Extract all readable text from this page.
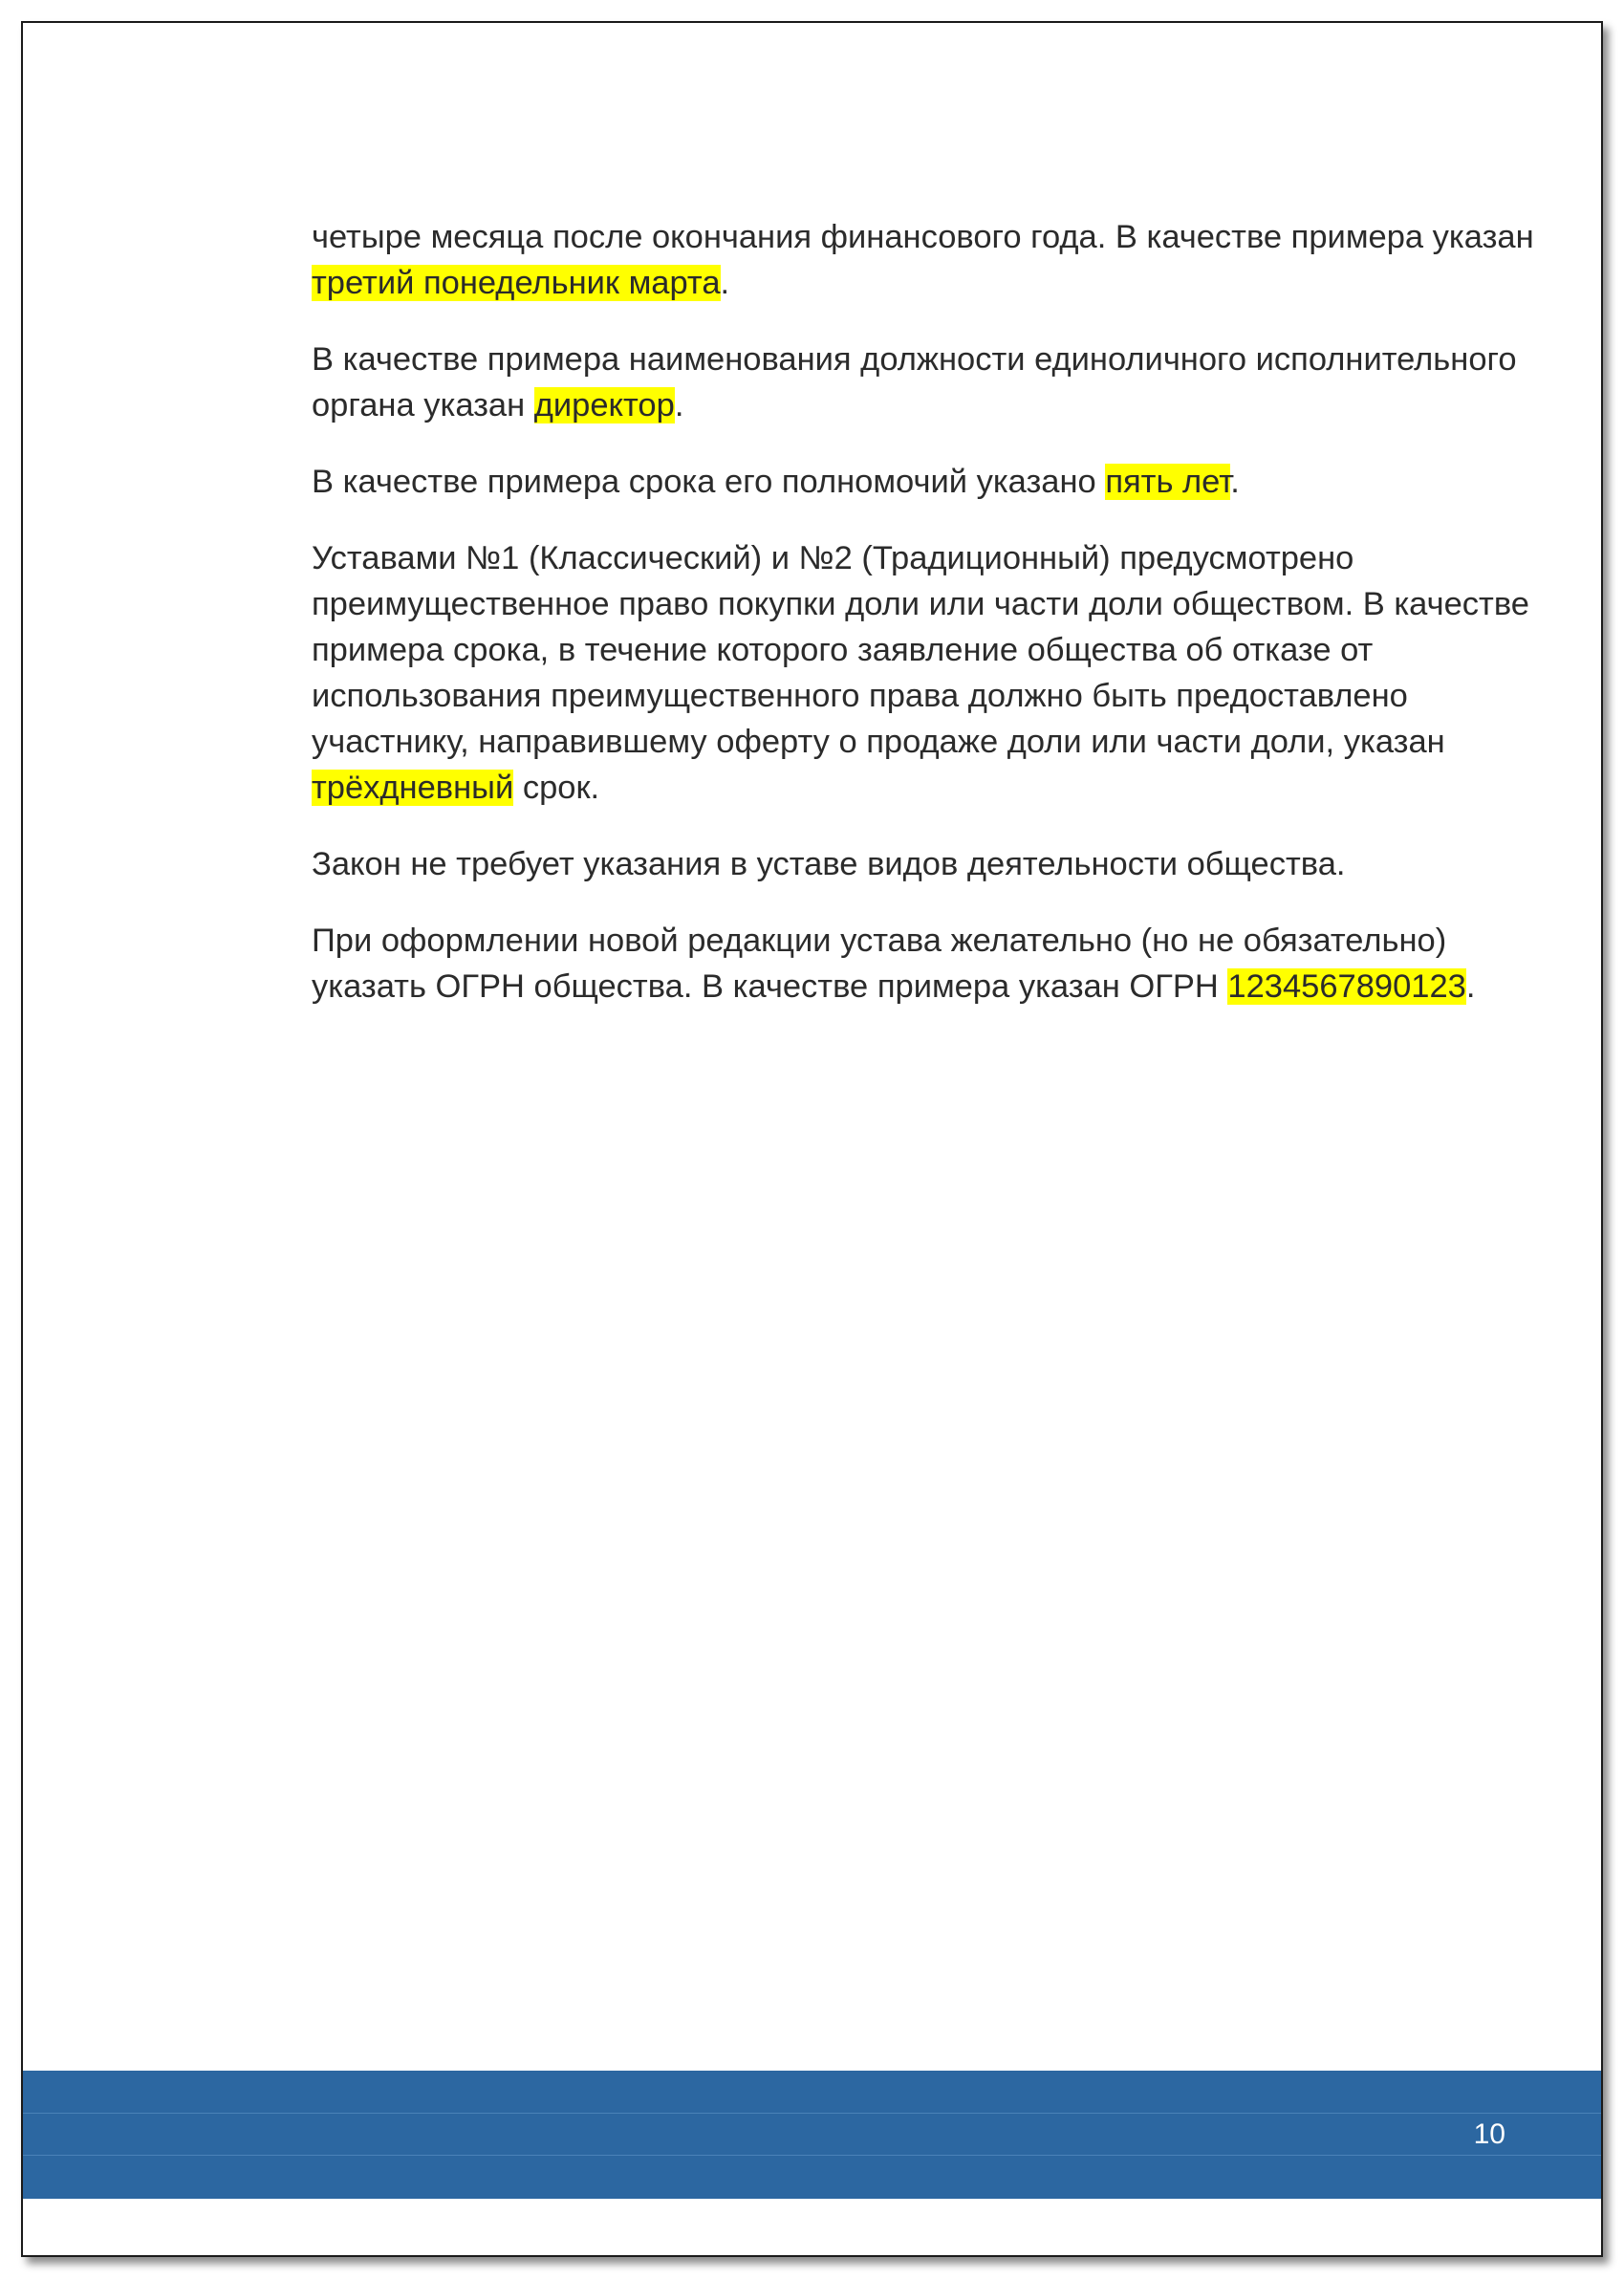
четыре месяца после окончания финансового года. В качестве примера указан третий понедельник марта.

В качестве примера наименования должности единоличного исполнительного органа указан директор.

В качестве примера срока его полномочий указано пять лет.

Уставами №1 (Классический) и №2 (Традиционный) предусмотрено преимущественное право покупки доли или части доли обществом. В качестве примера срока, в течение которого заявление общества об отказе от использования преимущественного права должно быть предоставлено участнику, направившему оферту о продаже доли или части доли, указан трёхдневный срок.

Закон не требует указания в уставе видов деятельности общества.

При оформлении новой редакции устава желательно (но не обязательно) указать ОГРН общества. В качестве примера указан ОГРН 1234567890123.

10
